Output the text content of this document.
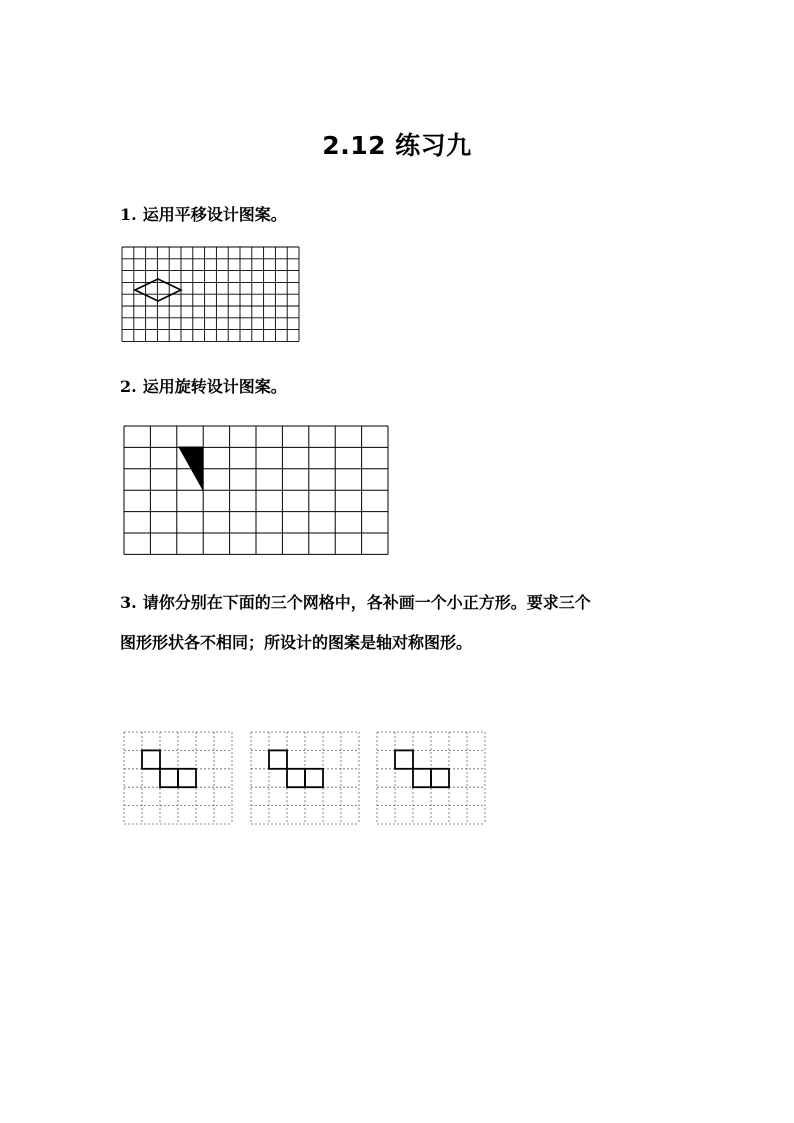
2.12 练习九
1. 运用平移设计图案。
2. 运用旋转设计图案。
3. 请你分别在下面的三个网格中，各补画一个小正方形。要求三个
图形形状各不相同；所设计的图案是轴对称图形。
